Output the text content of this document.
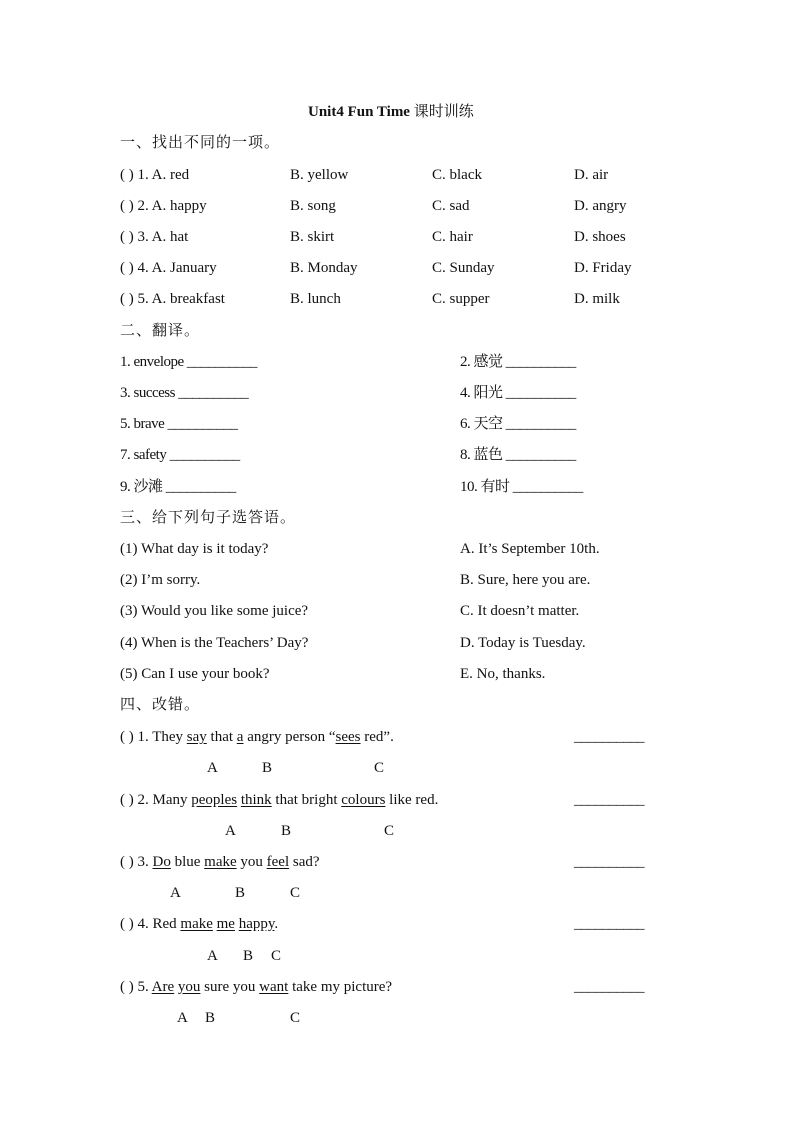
Unit4 Fun Time 课时训练
一、找出不同的一项。
( ) 1. A. red	B. yellow	C. black	D. air
( ) 2. A. happy	B. song	C. sad	D. angry
( ) 3. A. hat	B. skirt	C. hair	D. shoes
( ) 4. A. January	B. Monday	C. Sunday	D. Friday
( ) 5. A. breakfast	B. lunch	C. supper	D. milk
二、翻译。
1. envelope __________	2. 感觉 __________
3. success __________	4. 阳光 __________
5. brave __________	6. 天空 __________
7. safety __________	8. 蓝色 __________
9. 沙滩 __________	10. 有时 __________
三、给下列句子选答语。
(1) What day is it today?	A. It’s September 10th.
(2) I’m sorry.	B. Sure, here you are.
(3) Would you like some juice?	C. It doesn’t matter.
(4) When is the Teachers’ Day?	D. Today is Tuesday.
(5) Can I use your book?	E. No, thanks.
四、改错。
( ) 1. They say that a angry person “sees red”.	__________
A	B	C
( ) 2. Many peoples think that bright colours like red.	__________
A	B	C
( ) 3. Do blue make you feel sad?	__________
A	B	C
( ) 4. Red make me happy.	__________
A B C
( ) 5. Are you sure you want take my picture?	__________
A B	C
